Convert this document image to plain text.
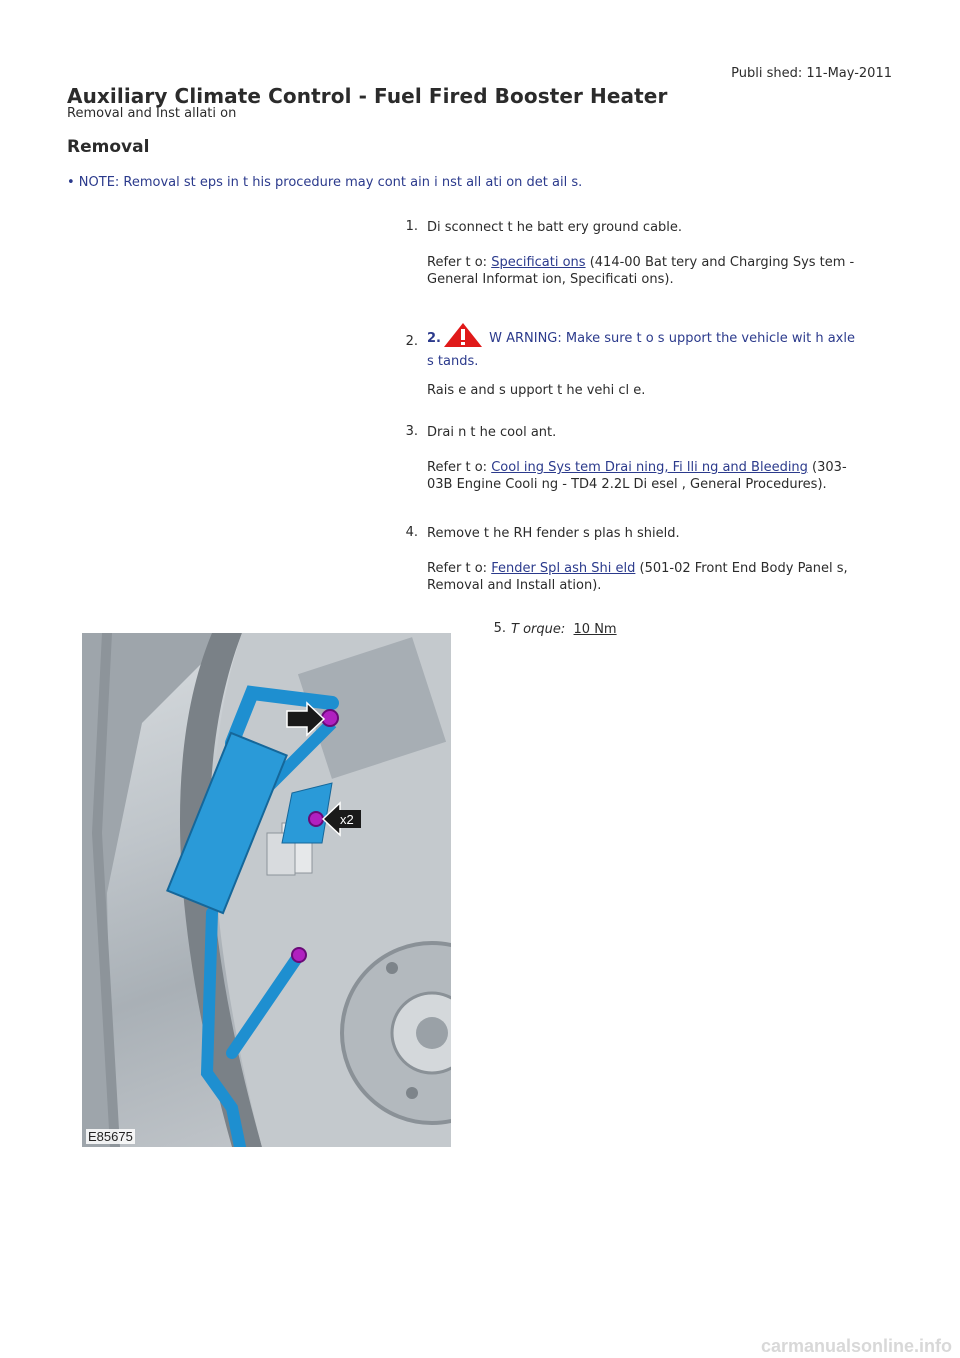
Publi shed: 11-May-2011
Auxiliary Climate Control - Fuel Fired Booster Heater
Removal and Inst allati on
Removal
• NOTE: Removal st eps in t his procedure may cont ain i nst all ati on det ail s.
1. Di sconnect t he batt ery ground cable.
Refer t o: Specificati ons (414-00 Bat tery and Charging Sys tem - General Informat ion, Specificati ons).
2. 2.	W ARNING: Make sure t o s upport the vehicle wit h axle s tands.
Rais e and s upport t he vehi cl e.
3. Drai n t he cool ant.
Refer t o: Cool ing Sys tem Drai ning, Fi lli ng and Bleeding (303-03B Engine Cooli ng - TD4 2.2L Di esel , General Procedures).
4. Remove t he RH fender s plas h shield.
Refer t o: Fender Spl ash Shi eld (501-02 Front End Body Panel s, Removal and Install ation).
5. T orque: 10 Nm
x2
E85675
carmanualsonline.info
